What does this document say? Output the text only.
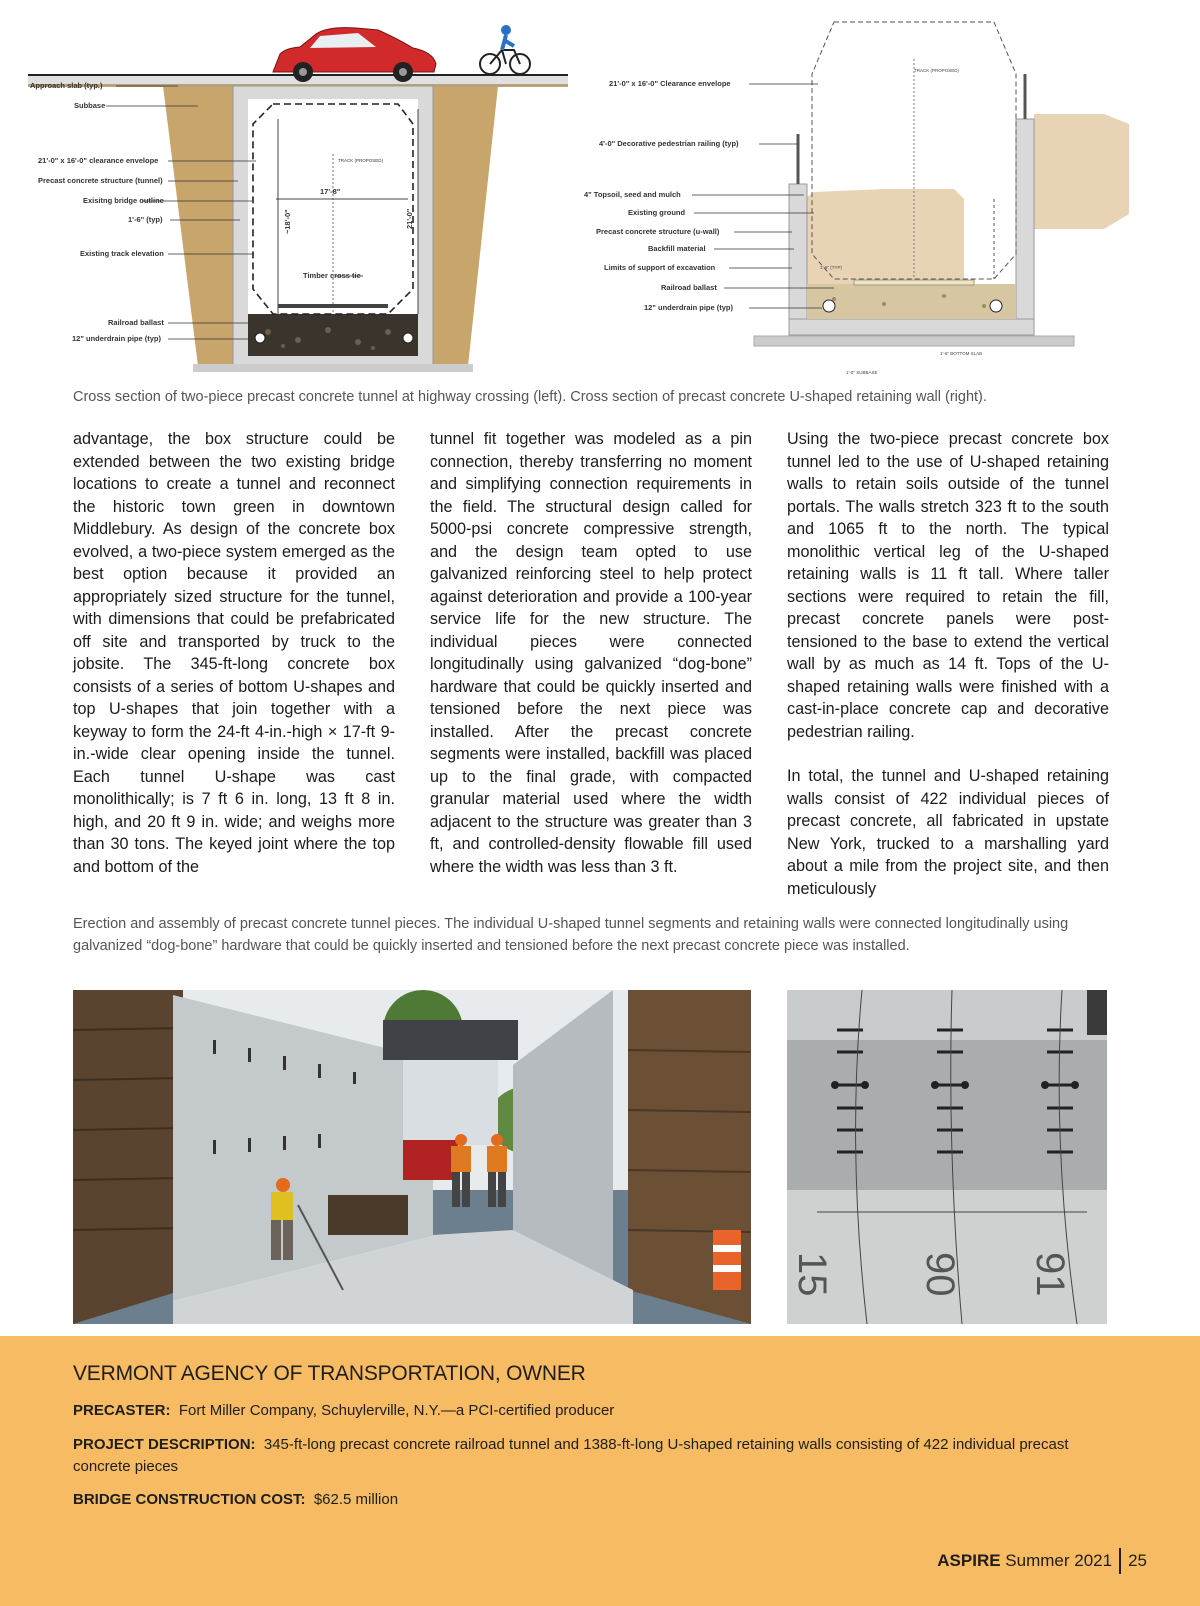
Approach slab (typ.)
Subbase
21'-0" x 16'-0" clearance envelope
Precast concrete structure (tunnel)
Exisitng bridge outline
1'-6" (typ)
Existing track elevation
Timber cross tie
Railroad ballast
12" underdrain pipe (typ)
17'-8"
~18'-0"	21'-0"
TRACK (PROPOSED)
21'-0" x 16'-0" Clearance envelope
4'-0" Decorative pedestrian railing (typ)
4" Topsoil, seed and mulch
Existing ground
Precast concrete structure (u-wall)
Backfill material
Limits of support of excavation
Railroad ballast
12" underdrain pipe (typ)
TRACK (PROPOSED)
1'-6" (TYP)
1'-6" BOTTOM SLAB
1'-0" SUBBASE
Cross section of two-piece precast concrete tunnel at highway crossing (left). Cross section of precast concrete U-shaped retaining wall (right).

advantage, the box structure could be extended between the two existing bridge locations to create a tunnel and reconnect the historic town green in downtown Middlebury. As design of the concrete box evolved, a two-piece system emerged as the best option because it provided an appropriately sized structure for the tunnel, with dimensions that could be prefabricated off site and transported by truck to the jobsite. The 345-ft-long concrete box consists of a series of bottom U-shapes and top U-shapes that join together with a keyway to form the 24-ft 4-in.-high × 17-ft 9-in.-wide clear opening inside the tunnel. Each tunnel U-shape was cast monolithically; is 7 ft 6 in. long, 13 ft 8 in. high, and 20 ft 9 in. wide; and weighs more than 30 tons. The keyed joint where the top and bottom of the

tunnel fit together was modeled as a pin connection, thereby transferring no moment and simplifying connection requirements in the field. The structural design called for 5000-psi concrete compressive strength, and the design team opted to use galvanized reinforcing steel to help protect against deterioration and provide a 100-year service life for the new structure. The individual pieces were connected longitudinally using galvanized “dog-bone” hardware that could be quickly inserted and tensioned before the next piece was installed. After the precast concrete segments were installed, backfill was placed up to the final grade, with compacted granular material used where the width adjacent to the structure was greater than 3 ft, and controlled-density flowable fill used where the width was less than 3 ft.

Using the two-piece precast concrete box tunnel led to the use of U-shaped retaining walls to retain soils outside of the tunnel portals. The walls stretch 323 ft to the south and 1065 ft to the north. The typical monolithic vertical leg of the U-shaped retaining walls is 11 ft tall. Where taller sections were required to retain the fill, precast concrete panels were post-tensioned to the base to extend the vertical wall by as much as 14 ft. Tops of the U-shaped retaining walls were finished with a cast-in-place concrete cap and decorative pedestrian railing.

In total, the tunnel and U-shaped retaining walls consist of 422 individual pieces of precast concrete, all fabricated in upstate New York, trucked to a marshalling yard about a mile from the project site, and then meticulously

Erection and assembly of precast concrete tunnel pieces. The individual U-shaped tunnel segments and retaining walls were connected longitudinally using galvanized “dog-bone” hardware that could be quickly inserted and tensioned before the next precast concrete piece was installed.
15 90 91
VERMONT AGENCY OF TRANSPORTATION, OWNER
PRECASTER: Fort Miller Company, Schuylerville, N.Y.—a PCI-certified producer
PROJECT DESCRIPTION: 345-ft-long precast concrete railroad tunnel and 1388-ft-long U-shaped retaining walls consisting of 422 individual precast concrete pieces
BRIDGE CONSTRUCTION COST: $62.5 million
ASPIRE
Summer 2021 25
